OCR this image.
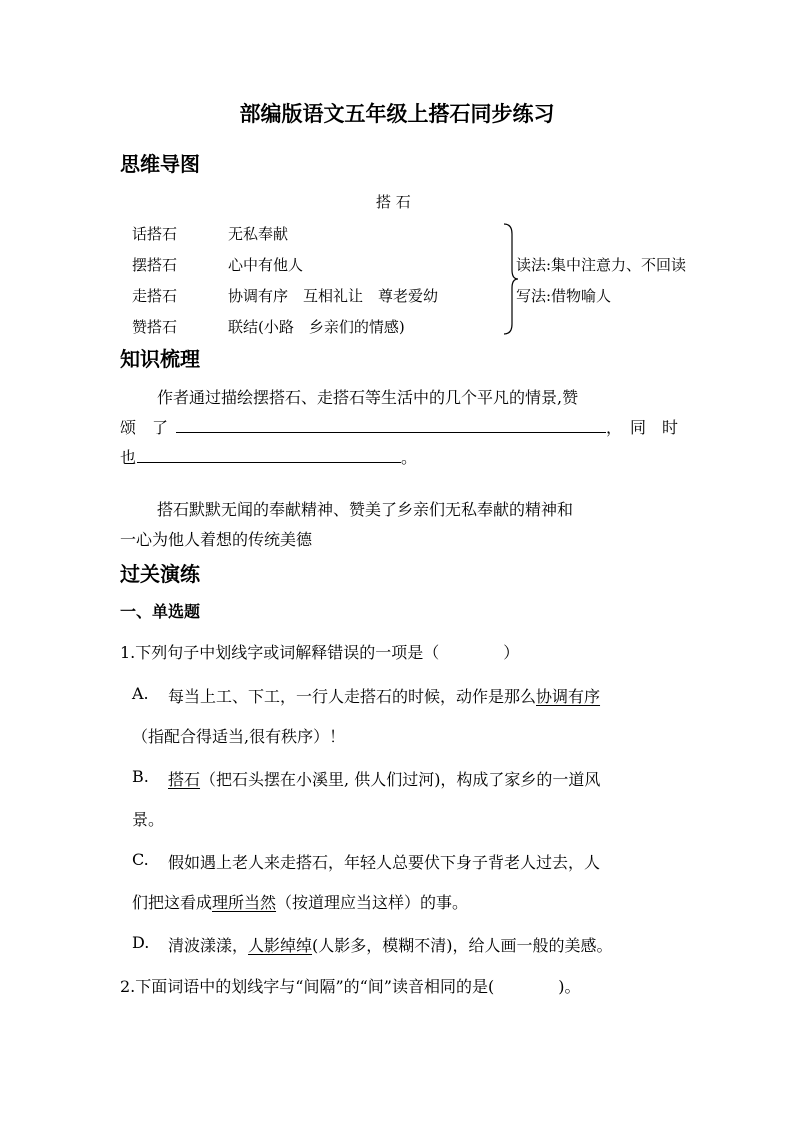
部编版语文五年级上搭石同步练习
思维导图
搭 石
话搭石	无私奉献
摆搭石	心中有他人
走搭石	协调有序　互相礼让　尊老爱幼
赞搭石	联结(小路　乡亲们的情感)
读法:集中注意力、不回读
写法:借物喻人
知识梳理
作者通过描绘摆搭石、走搭石等生活中的几个平凡的情景,赞
颂　了	，　同　时
也	。
搭石默默无闻的奉献精神、赞美了乡亲们无私奉献的精神和
一心为他人着想的传统美德
过关演练
一、单选题
1.下列句子中划线字或词解释错误的一项是（　　　　）
A. 每当上工、下工，一行人走搭石的时候，动作是那么协调有序
（指配合得适当,很有秩序）！
B. 搭石（把石头摆在小溪里, 供人们过河)，构成了家乡的一道风
景。
C. 假如遇上老人来走搭石，年轻人总要伏下身子背老人过去，人
们把这看成理所当然（按道理应当这样）的事。
D. 清波漾漾，人影绰绰(人影多，模糊不清)，给人画一般的美感。
2.下面词语中的划线字与“间隔”的“间”读音相同的是(　　　　)。
